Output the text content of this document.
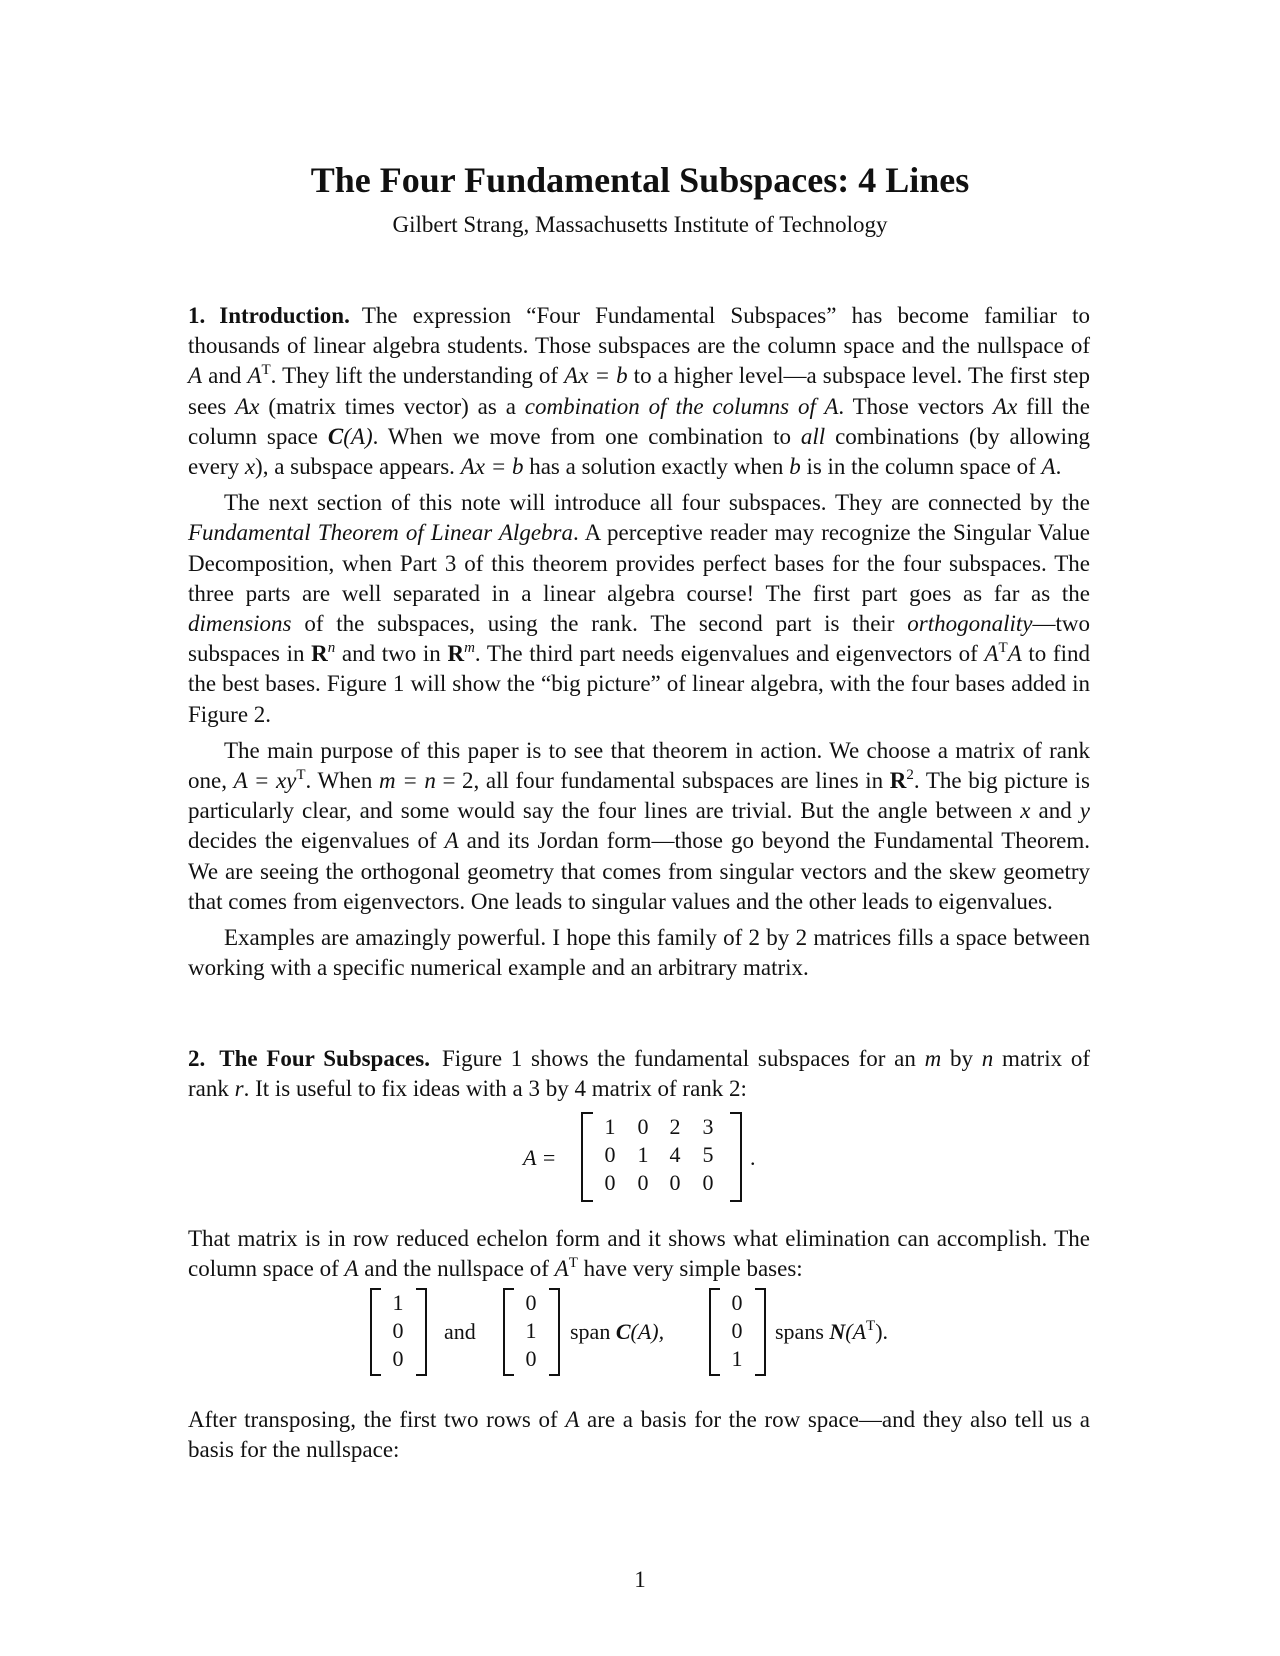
The Four Fundamental Subspaces: 4 Lines
Gilbert Strang, Massachusetts Institute of Technology

1. Introduction. The expression “Four Fundamental Subspaces” has become familiar to thousands of linear algebra students. Those subspaces are the column space and the nullspace of A and $A^T$. They lift the understanding of Ax = b to a higher level—a subspace level. The first step sees Ax (matrix times vector) as a combination of the columns of A. Those vectors Ax fill the column space C(A). When we move from one combination to all combinations (by allowing every x), a subspace appears. Ax = b has a solution exactly when b is in the column space of A.

The next section of this note will introduce all four subspaces. They are connected by the Fundamental Theorem of Linear Algebra. A perceptive reader may recognize the Singular Value Decomposition, when Part 3 of this theorem provides perfect bases for the four subspaces. The three parts are well separated in a linear algebra course! The first part goes as far as the dimensions of the subspaces, using the rank. The second part is their orthogonality—two subspaces in $R^n$ and two in $R^m$. The third part needs eigenvalues and eigenvectors of $A^TA$ to find the best bases. Figure 1 will show the “big picture” of linear algebra, with the four bases added in Figure 2.

The main purpose of this paper is to see that theorem in action. We choose a matrix of rank one, $A = xy^T$. When m = n = 2, all four fundamental subspaces are lines in $R^2$. The big picture is particularly clear, and some would say the four lines are trivial. But the angle between x and y decides the eigenvalues of A and its Jordan form—those go beyond the Fundamental Theorem. We are seeing the orthogonal geometry that comes from singular vectors and the skew geometry that comes from eigenvectors. One leads to singular values and the other leads to eigenvalues.

Examples are amazingly powerful. I hope this family of 2 by 2 matrices fills a space between working with a specific numerical example and an arbitrary matrix.

2. The Four Subspaces. Figure 1 shows the fundamental subspaces for an m by n matrix of rank r. It is useful to fix ideas with a 3 by 4 matrix of rank 2:

A =
1	0 2	3
0	1 4	5
0	0 0	0
.

That matrix is in row reduced echelon form and it shows what elimination can accomplish. The column space of A and the nullspace of $A^T$ have very simple bases:

1
0
0
and
0
1
0
span C(A),
0
0
1
spans $N(A^T)$.

After transposing, the first two rows of A are a basis for the row space—and they also tell us a basis for the nullspace:

1
